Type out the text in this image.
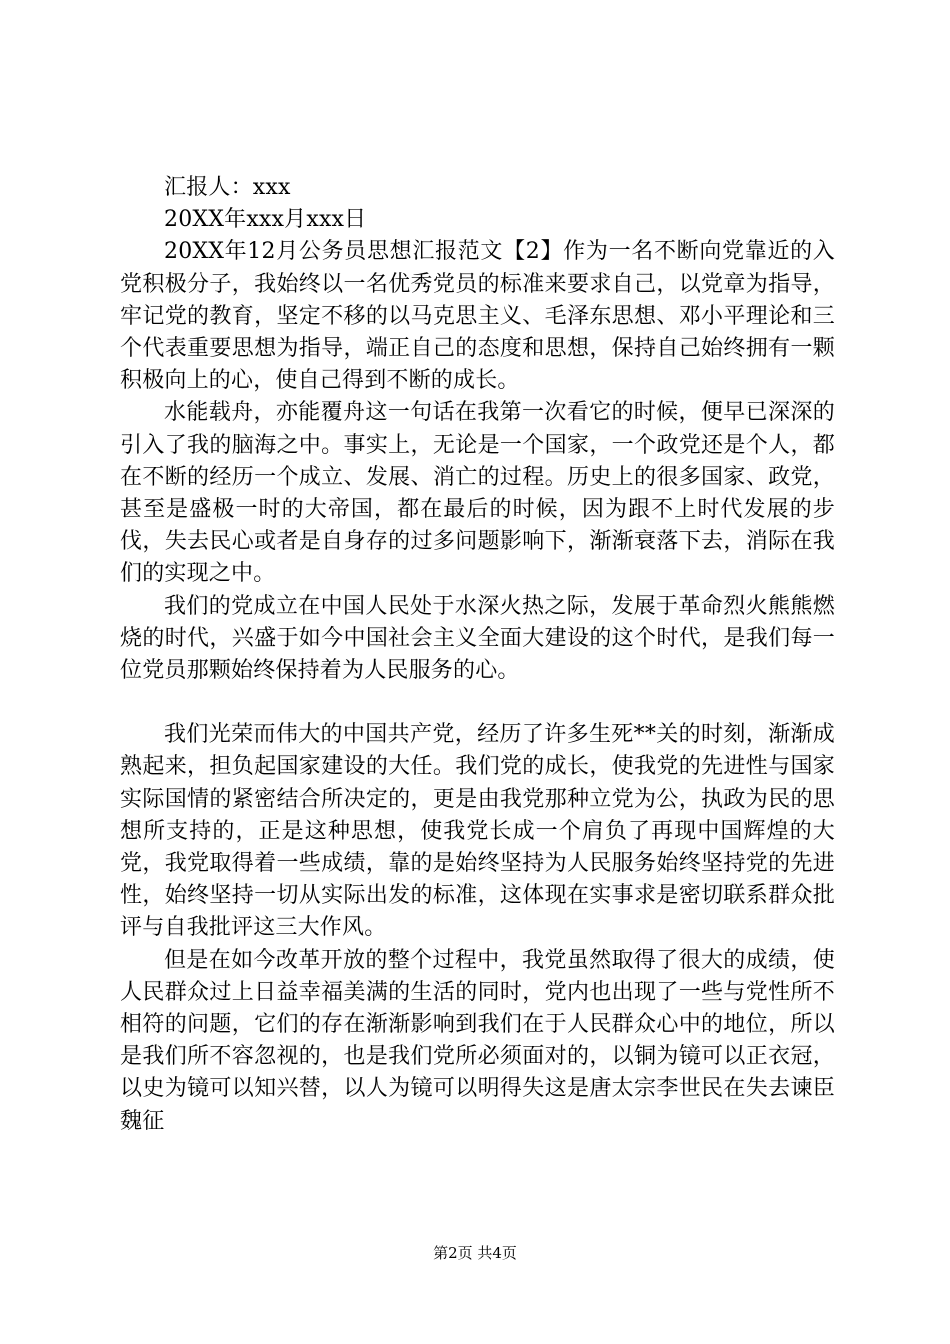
汇报人：xxx

20XX年xxx月xxx日

20XX年12月公务员思想汇报范文【2】作为一名不断向党靠近的入党积极分子，我始终以一名优秀党员的标准来要求自己，以党章为指导，牢记党的教育，坚定不移的以马克思主义、毛泽东思想、邓小平理论和三个代表重要思想为指导，端正自己的态度和思想，保持自己始终拥有一颗积极向上的心，使自己得到不断的成长。

水能载舟，亦能覆舟这一句话在我第一次看它的时候，便早已深深的引入了我的脑海之中。事实上，无论是一个国家，一个政党还是个人，都在不断的经历一个成立、发展、消亡的过程。历史上的很多国家、政党，甚至是盛极一时的大帝国，都在最后的时候，因为跟不上时代发展的步伐，失去民心或者是自身存的过多问题影响下，渐渐衰落下去，消际在我们的实现之中。

我们的党成立在中国人民处于水深火热之际，发展于革命烈火熊熊燃烧的时代，兴盛于如今中国社会主义全面大建设的这个时代，是我们每一位党员那颗始终保持着为人民服务的心。

我们光荣而伟大的中国共产党，经历了许多生死**关的时刻，渐渐成熟起来，担负起国家建设的大任。我们党的成长，使我党的先进性与国家实际国情的紧密结合所决定的，更是由我党那种立党为公，执政为民的思想所支持的，正是这种思想，使我党长成一个肩负了再现中国辉煌的大党，我党取得着一些成绩，靠的是始终坚持为人民服务始终坚持党的先进性，始终坚持一切从实际出发的标准，这体现在实事求是密切联系群众批评与自我批评这三大作风。

但是在如今改革开放的整个过程中，我党虽然取得了很大的成绩，使人民群众过上日益幸福美满的生活的同时，党内也出现了一些与党性所不相符的问题，它们的存在渐渐影响到我们在于人民群众心中的地位，所以是我们所不容忽视的，也是我们党所必须面对的，以铜为镜可以正衣冠，以史为镜可以知兴替，以人为镜可以明得失这是唐太宗李世民在失去谏臣魏征

第2页 共4页
